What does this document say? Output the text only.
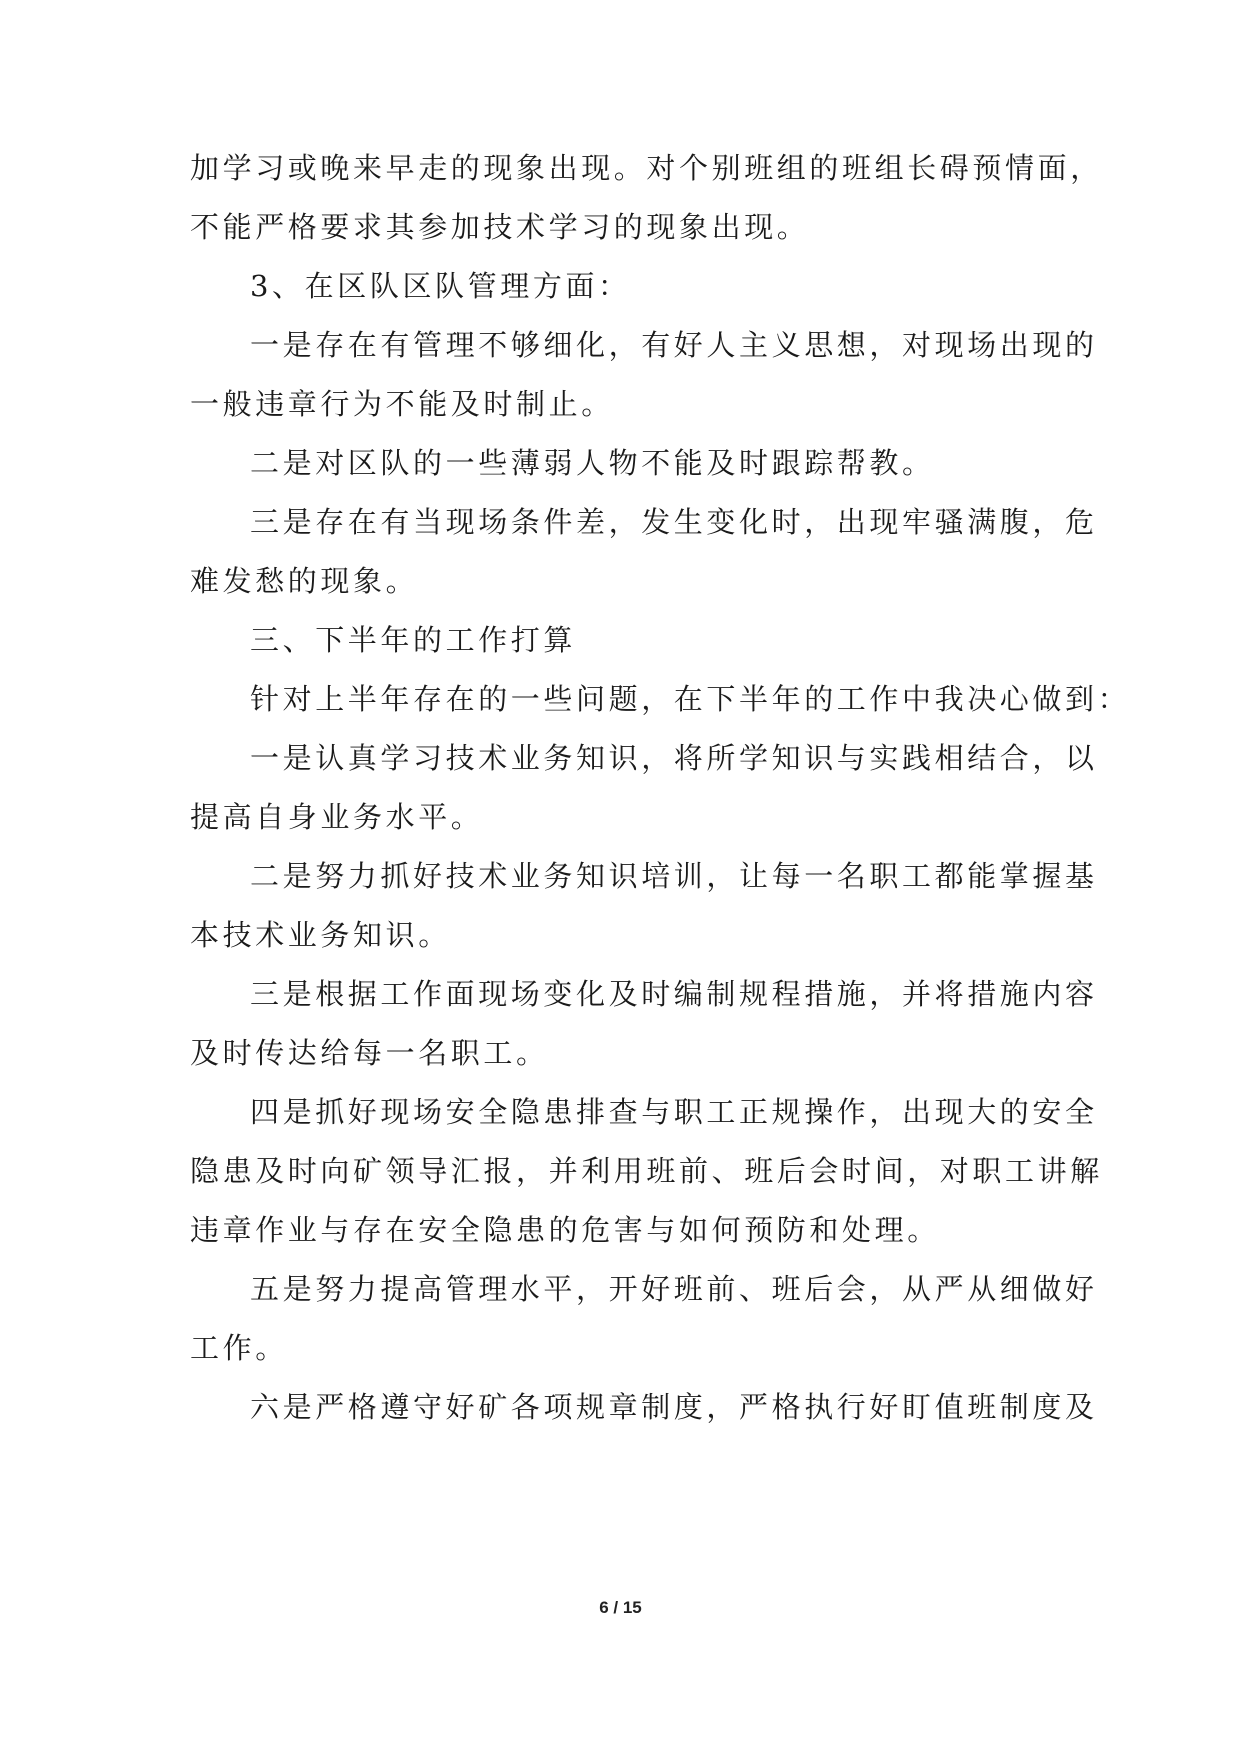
加学习或晚来早走的现象出现。对个别班组的班组长碍预情面，
不能严格要求其参加技术学习的现象出现。
3、在区队区队管理方面：
一是存在有管理不够细化，有好人主义思想，对现场出现的
一般违章行为不能及时制止。
二是对区队的一些薄弱人物不能及时跟踪帮教。
三是存在有当现场条件差，发生变化时，出现牢骚满腹，危
难发愁的现象。
三、下半年的工作打算
针对上半年存在的一些问题，在下半年的工作中我决心做到：
一是认真学习技术业务知识，将所学知识与实践相结合，以
提高自身业务水平。
二是努力抓好技术业务知识培训，让每一名职工都能掌握基
本技术业务知识。
三是根据工作面现场变化及时编制规程措施，并将措施内容
及时传达给每一名职工。
四是抓好现场安全隐患排查与职工正规操作，出现大的安全
隐患及时向矿领导汇报，并利用班前、班后会时间，对职工讲解
违章作业与存在安全隐患的危害与如何预防和处理。
五是努力提高管理水平，开好班前、班后会，从严从细做好
工作。
六是严格遵守好矿各项规章制度，严格执行好盯值班制度及
6 / 15
